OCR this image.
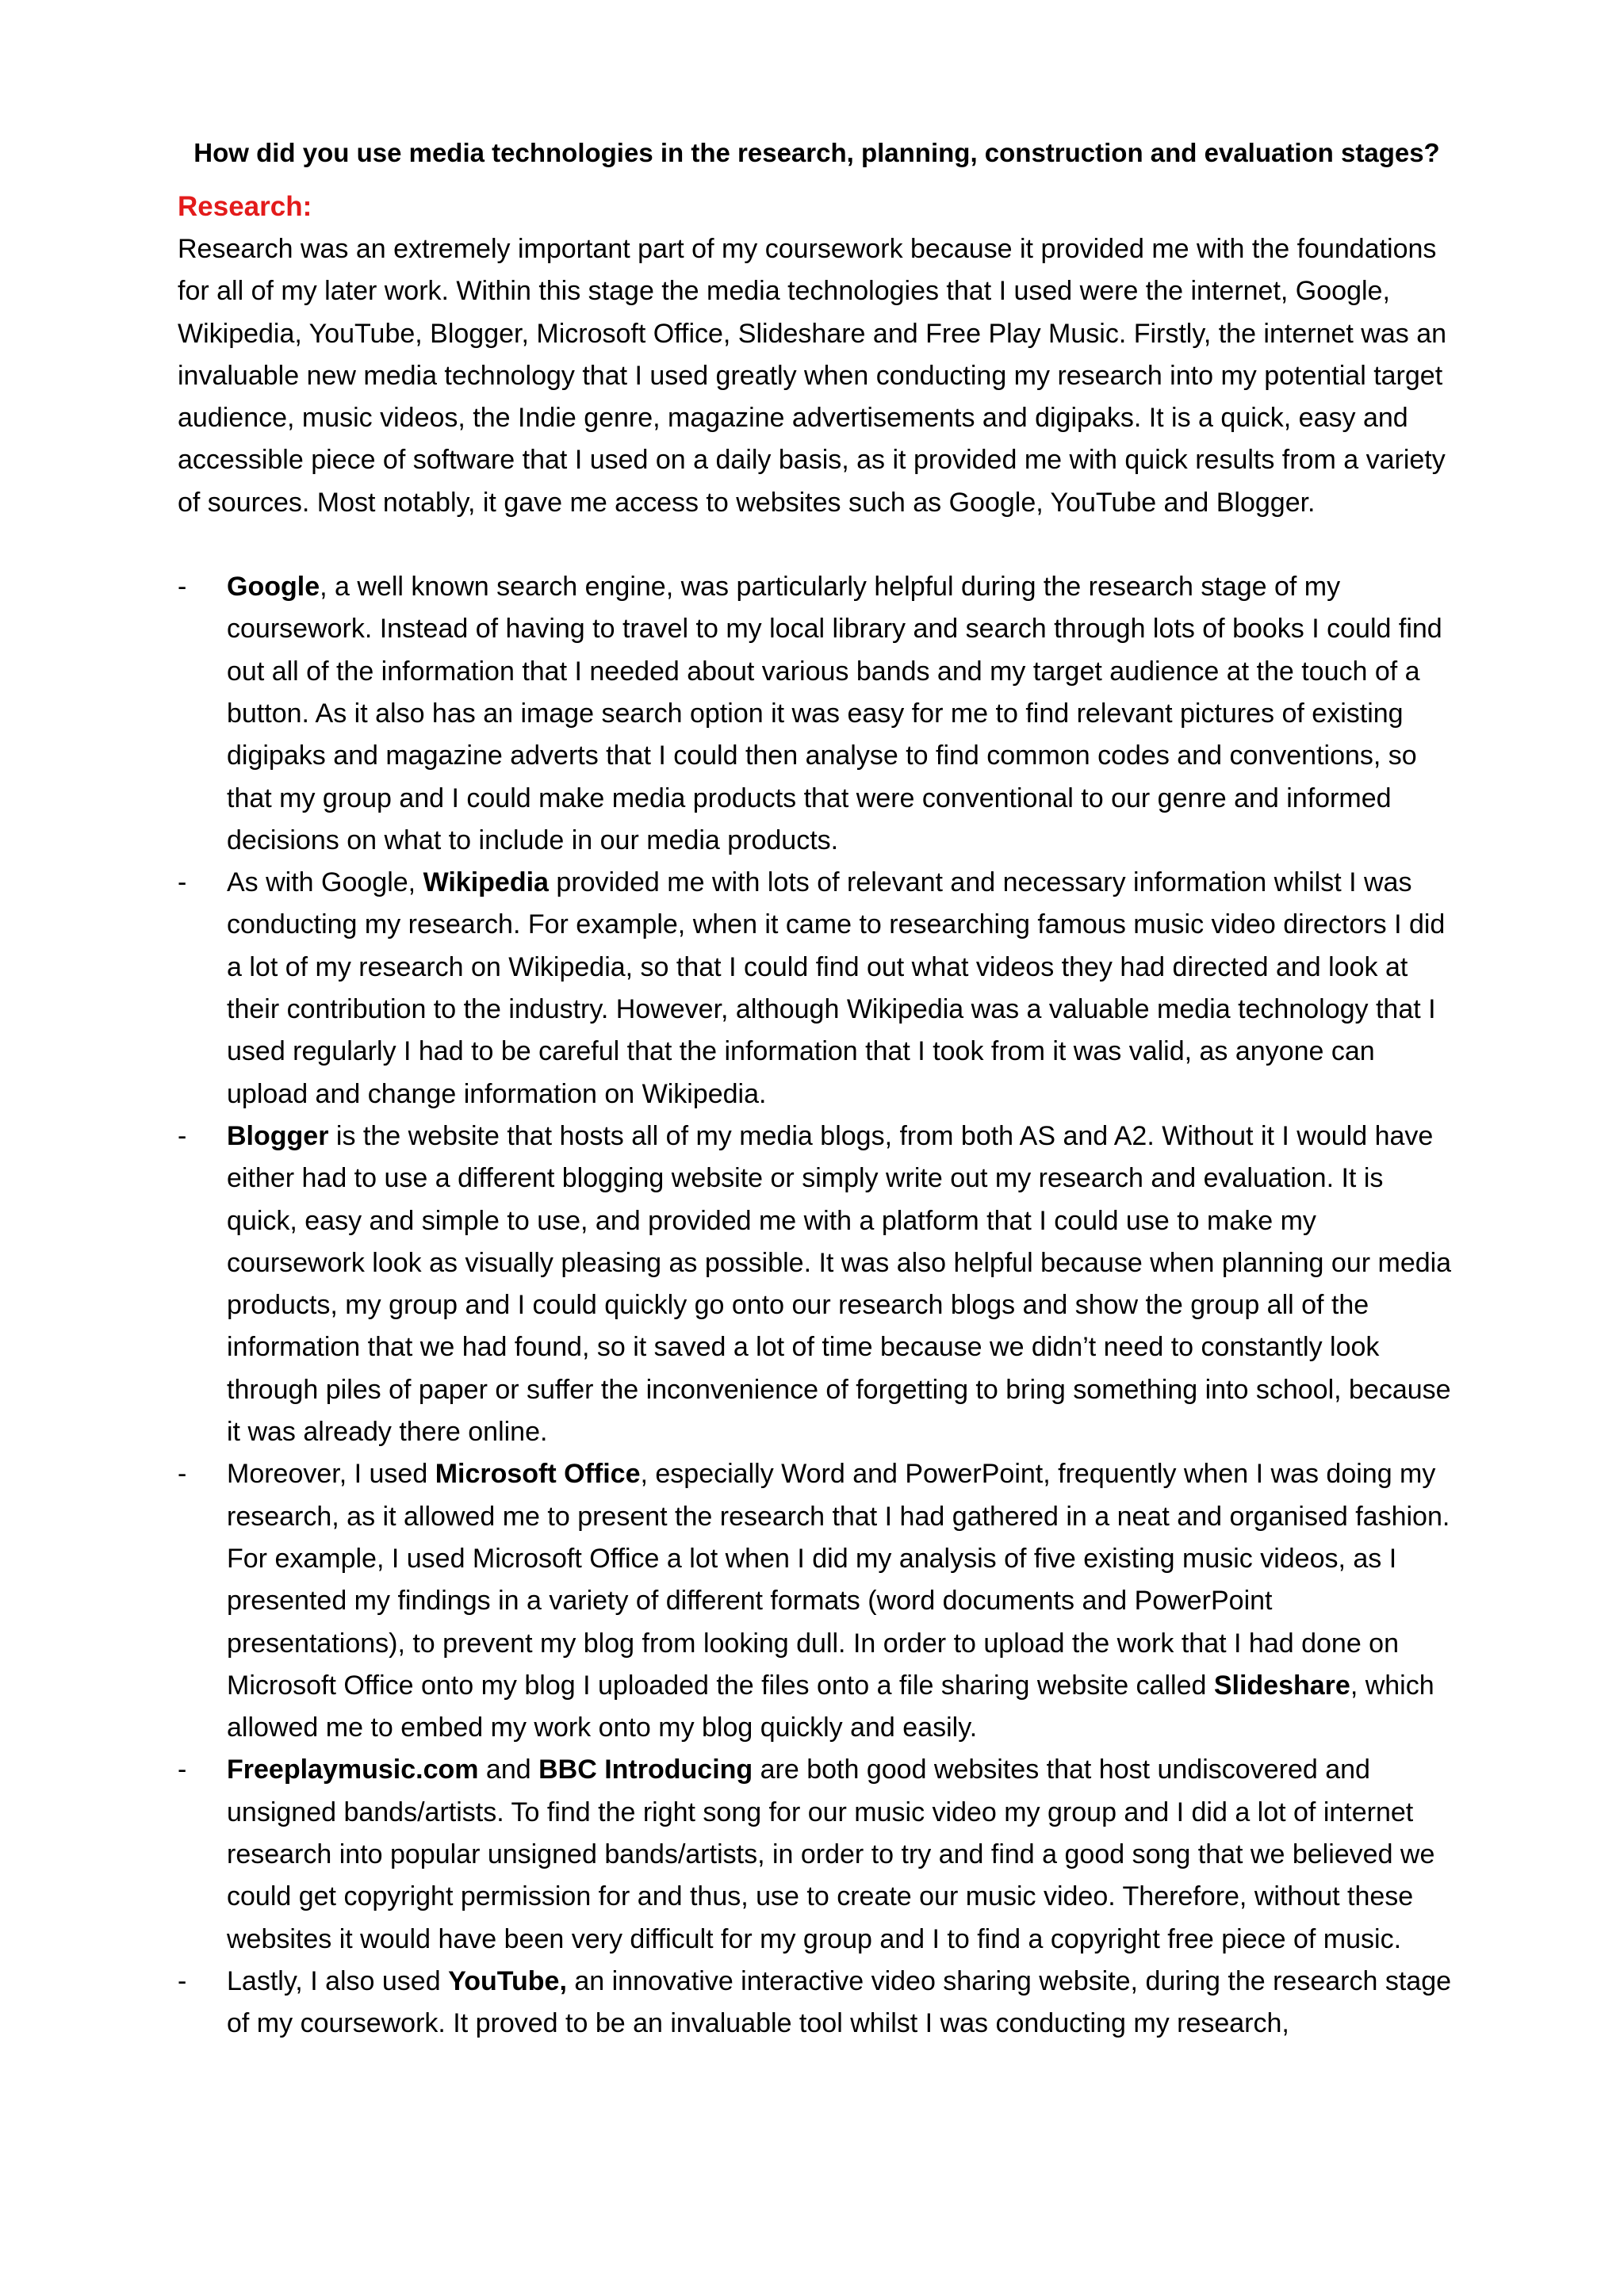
How did you use media technologies in the research, planning, construction and evaluation stages?
Research:

Research was an extremely important part of my coursework because it provided me with the foundations for all of my later work. Within this stage the media technologies that I used were the internet, Google, Wikipedia, YouTube, Blogger, Microsoft Office, Slideshare and Free Play Music. Firstly, the internet was an invaluable new media technology that I used greatly when conducting my research into my potential target audience, music videos, the Indie genre, magazine advertisements and digipaks. It is a quick, easy and accessible piece of software that I used on a daily basis, as it provided me with quick results from a variety of sources. Most notably, it gave me access to websites such as Google, YouTube and Blogger.

- Google, a well known search engine, was particularly helpful during the research stage of my coursework. Instead of having to travel to my local library and search through lots of books I could find out all of the information that I needed about various bands and my target audience at the touch of a button. As it also has an image search option it was easy for me to find relevant pictures of existing digipaks and magazine adverts that I could then analyse to find common codes and conventions, so that my group and I could make media products that were conventional to our genre and informed decisions on what to include in our media products.
- As with Google, Wikipedia provided me with lots of relevant and necessary information whilst I was conducting my research. For example, when it came to researching famous music video directors I did a lot of my research on Wikipedia, so that I could find out what videos they had directed and look at their contribution to the industry. However, although Wikipedia was a valuable media technology that I used regularly I had to be careful that the information that I took from it was valid, as anyone can upload and change information on Wikipedia.
- Blogger is the website that hosts all of my media blogs, from both AS and A2. Without it I would have either had to use a different blogging website or simply write out my research and evaluation. It is quick, easy and simple to use, and provided me with a platform that I could use to make my coursework look as visually pleasing as possible. It was also helpful because when planning our media products, my group and I could quickly go onto our research blogs and show the group all of the information that we had found, so it saved a lot of time because we didn’t need to constantly look through piles of paper or suffer the inconvenience of forgetting to bring something into school, because it was already there online.
- Moreover, I used Microsoft Office, especially Word and PowerPoint, frequently when I was doing my research, as it allowed me to present the research that I had gathered in a neat and organised fashion. For example, I used Microsoft Office a lot when I did my analysis of five existing music videos, as I presented my findings in a variety of different formats (word documents and PowerPoint presentations), to prevent my blog from looking dull. In order to upload the work that I had done on Microsoft Office onto my blog I uploaded the files onto a file sharing website called Slideshare, which allowed me to embed my work onto my blog quickly and easily.
- Freeplaymusic.com and BBC Introducing are both good websites that host undiscovered and unsigned bands/artists. To find the right song for our music video my group and I did a lot of internet research into popular unsigned bands/artists, in order to try and find a good song that we believed we could get copyright permission for and thus, use to create our music video. Therefore, without these websites it would have been very difficult for my group and I to find a copyright free piece of music.
- Lastly, I also used YouTube, an innovative interactive video sharing website, during the research stage of my coursework. It proved to be an invaluable tool whilst I was conducting my research,
